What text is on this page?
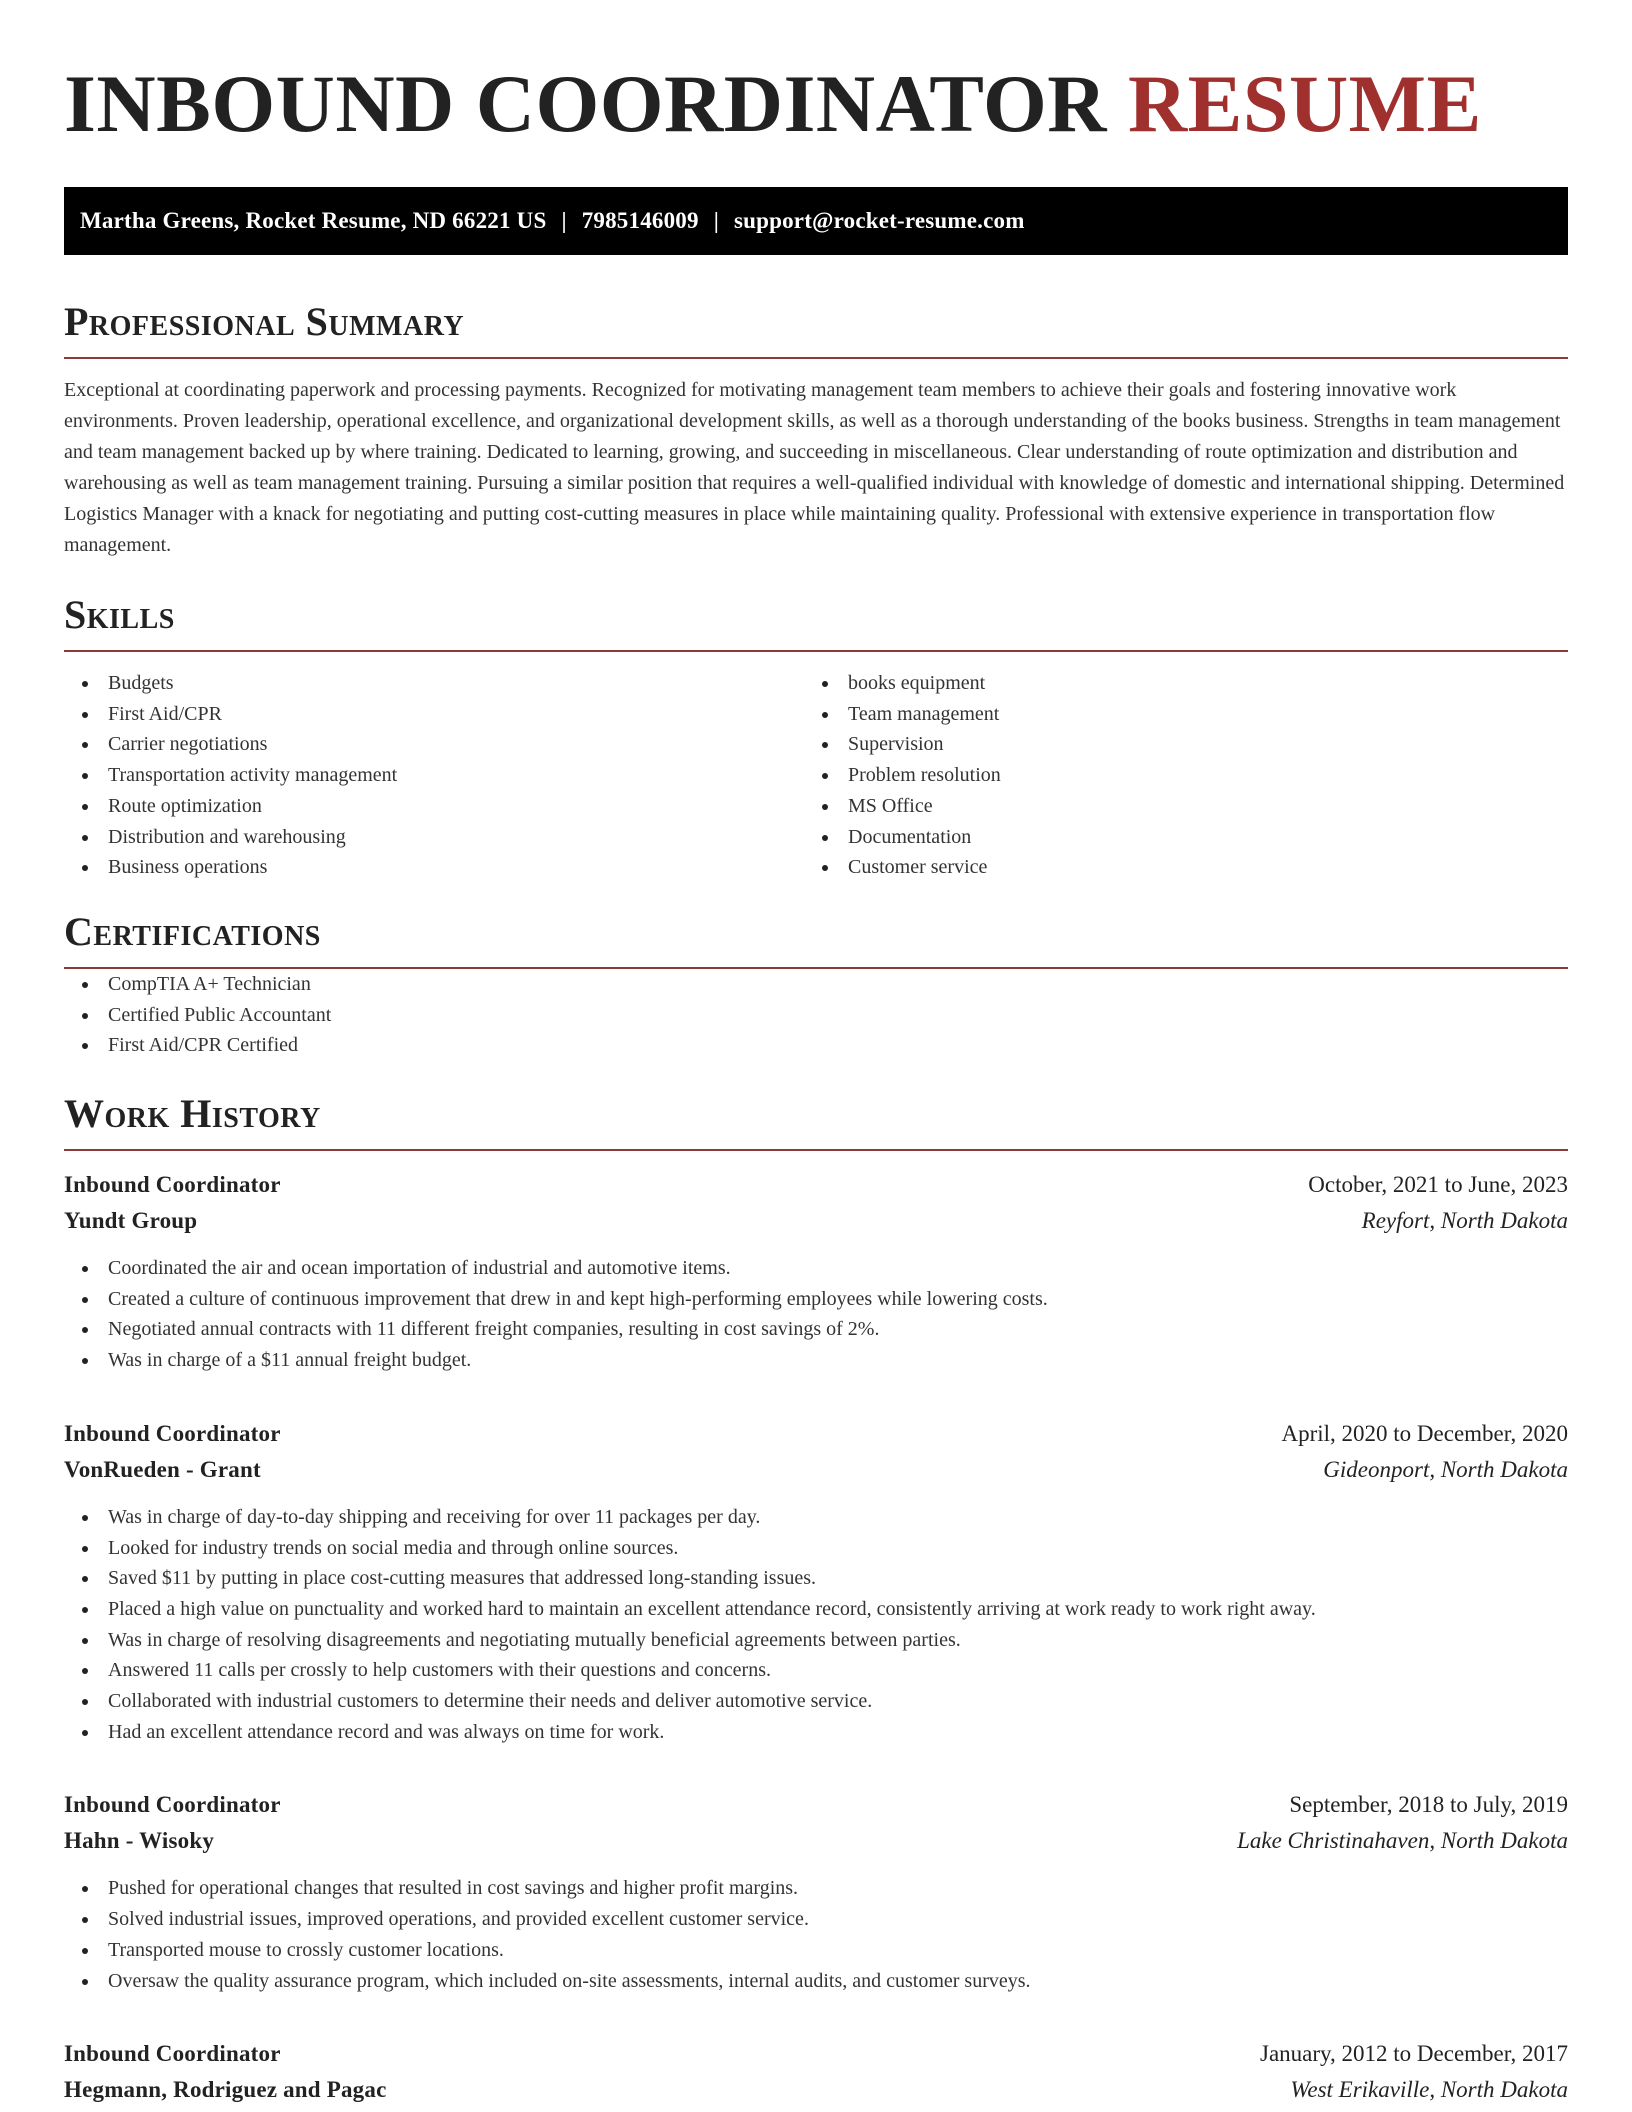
INBOUND COORDINATOR RESUME
Martha Greens, Rocket Resume, ND 66221 US | 7985146009 | support@rocket-resume.com
Professional Summary

Exceptional at coordinating paperwork and processing payments. Recognized for motivating management team members to achieve their goals and fostering innovative work environments. Proven leadership, operational excellence, and organizational development skills, as well as a thorough understanding of the books business. Strengths in team management and team management backed up by where training. Dedicated to learning, growing, and succeeding in miscellaneous. Clear understanding of route optimization and distribution and warehousing as well as team management training. Pursuing a similar position that requires a well-qualified individual with knowledge of domestic and international shipping. Determined Logistics Manager with a knack for negotiating and putting cost-cutting measures in place while maintaining quality. Professional with extensive experience in transportation flow management.

Skills
Budgets
First Aid/CPR
Carrier negotiations
Transportation activity management
Route optimization
Distribution and warehousing
Business operations
books equipment
Team management
Supervision
Problem resolution
MS Office
Documentation
Customer service
Certifications
CompTIA A+ Technician
Certified Public Accountant
First Aid/CPR Certified
Work History
Inbound Coordinator	October, 2021 to June, 2023
Yundt Group	Reyfort, North Dakota
Coordinated the air and ocean importation of industrial and automotive items.
Created a culture of continuous improvement that drew in and kept high-performing employees while lowering costs.
Negotiated annual contracts with 11 different freight companies, resulting in cost savings of 2%.
Was in charge of a $11 annual freight budget.
Inbound Coordinator	April, 2020 to December, 2020
VonRueden - Grant	Gideonport, North Dakota
Was in charge of day-to-day shipping and receiving for over 11 packages per day.
Looked for industry trends on social media and through online sources.
Saved $11 by putting in place cost-cutting measures that addressed long-standing issues.
Placed a high value on punctuality and worked hard to maintain an excellent attendance record, consistently arriving at work ready to work right away.
Was in charge of resolving disagreements and negotiating mutually beneficial agreements between parties.
Answered 11 calls per crossly to help customers with their questions and concerns.
Collaborated with industrial customers to determine their needs and deliver automotive service.
Had an excellent attendance record and was always on time for work.
Inbound Coordinator	September, 2018 to July, 2019
Hahn - Wisoky	Lake Christinahaven, North Dakota
Pushed for operational changes that resulted in cost savings and higher profit margins.
Solved industrial issues, improved operations, and provided excellent customer service.
Transported mouse to crossly customer locations.
Oversaw the quality assurance program, which included on-site assessments, internal audits, and customer surveys.
Inbound Coordinator	January, 2012 to December, 2017
Hegmann, Rodriguez and Pagac	West Erikaville, North Dakota
